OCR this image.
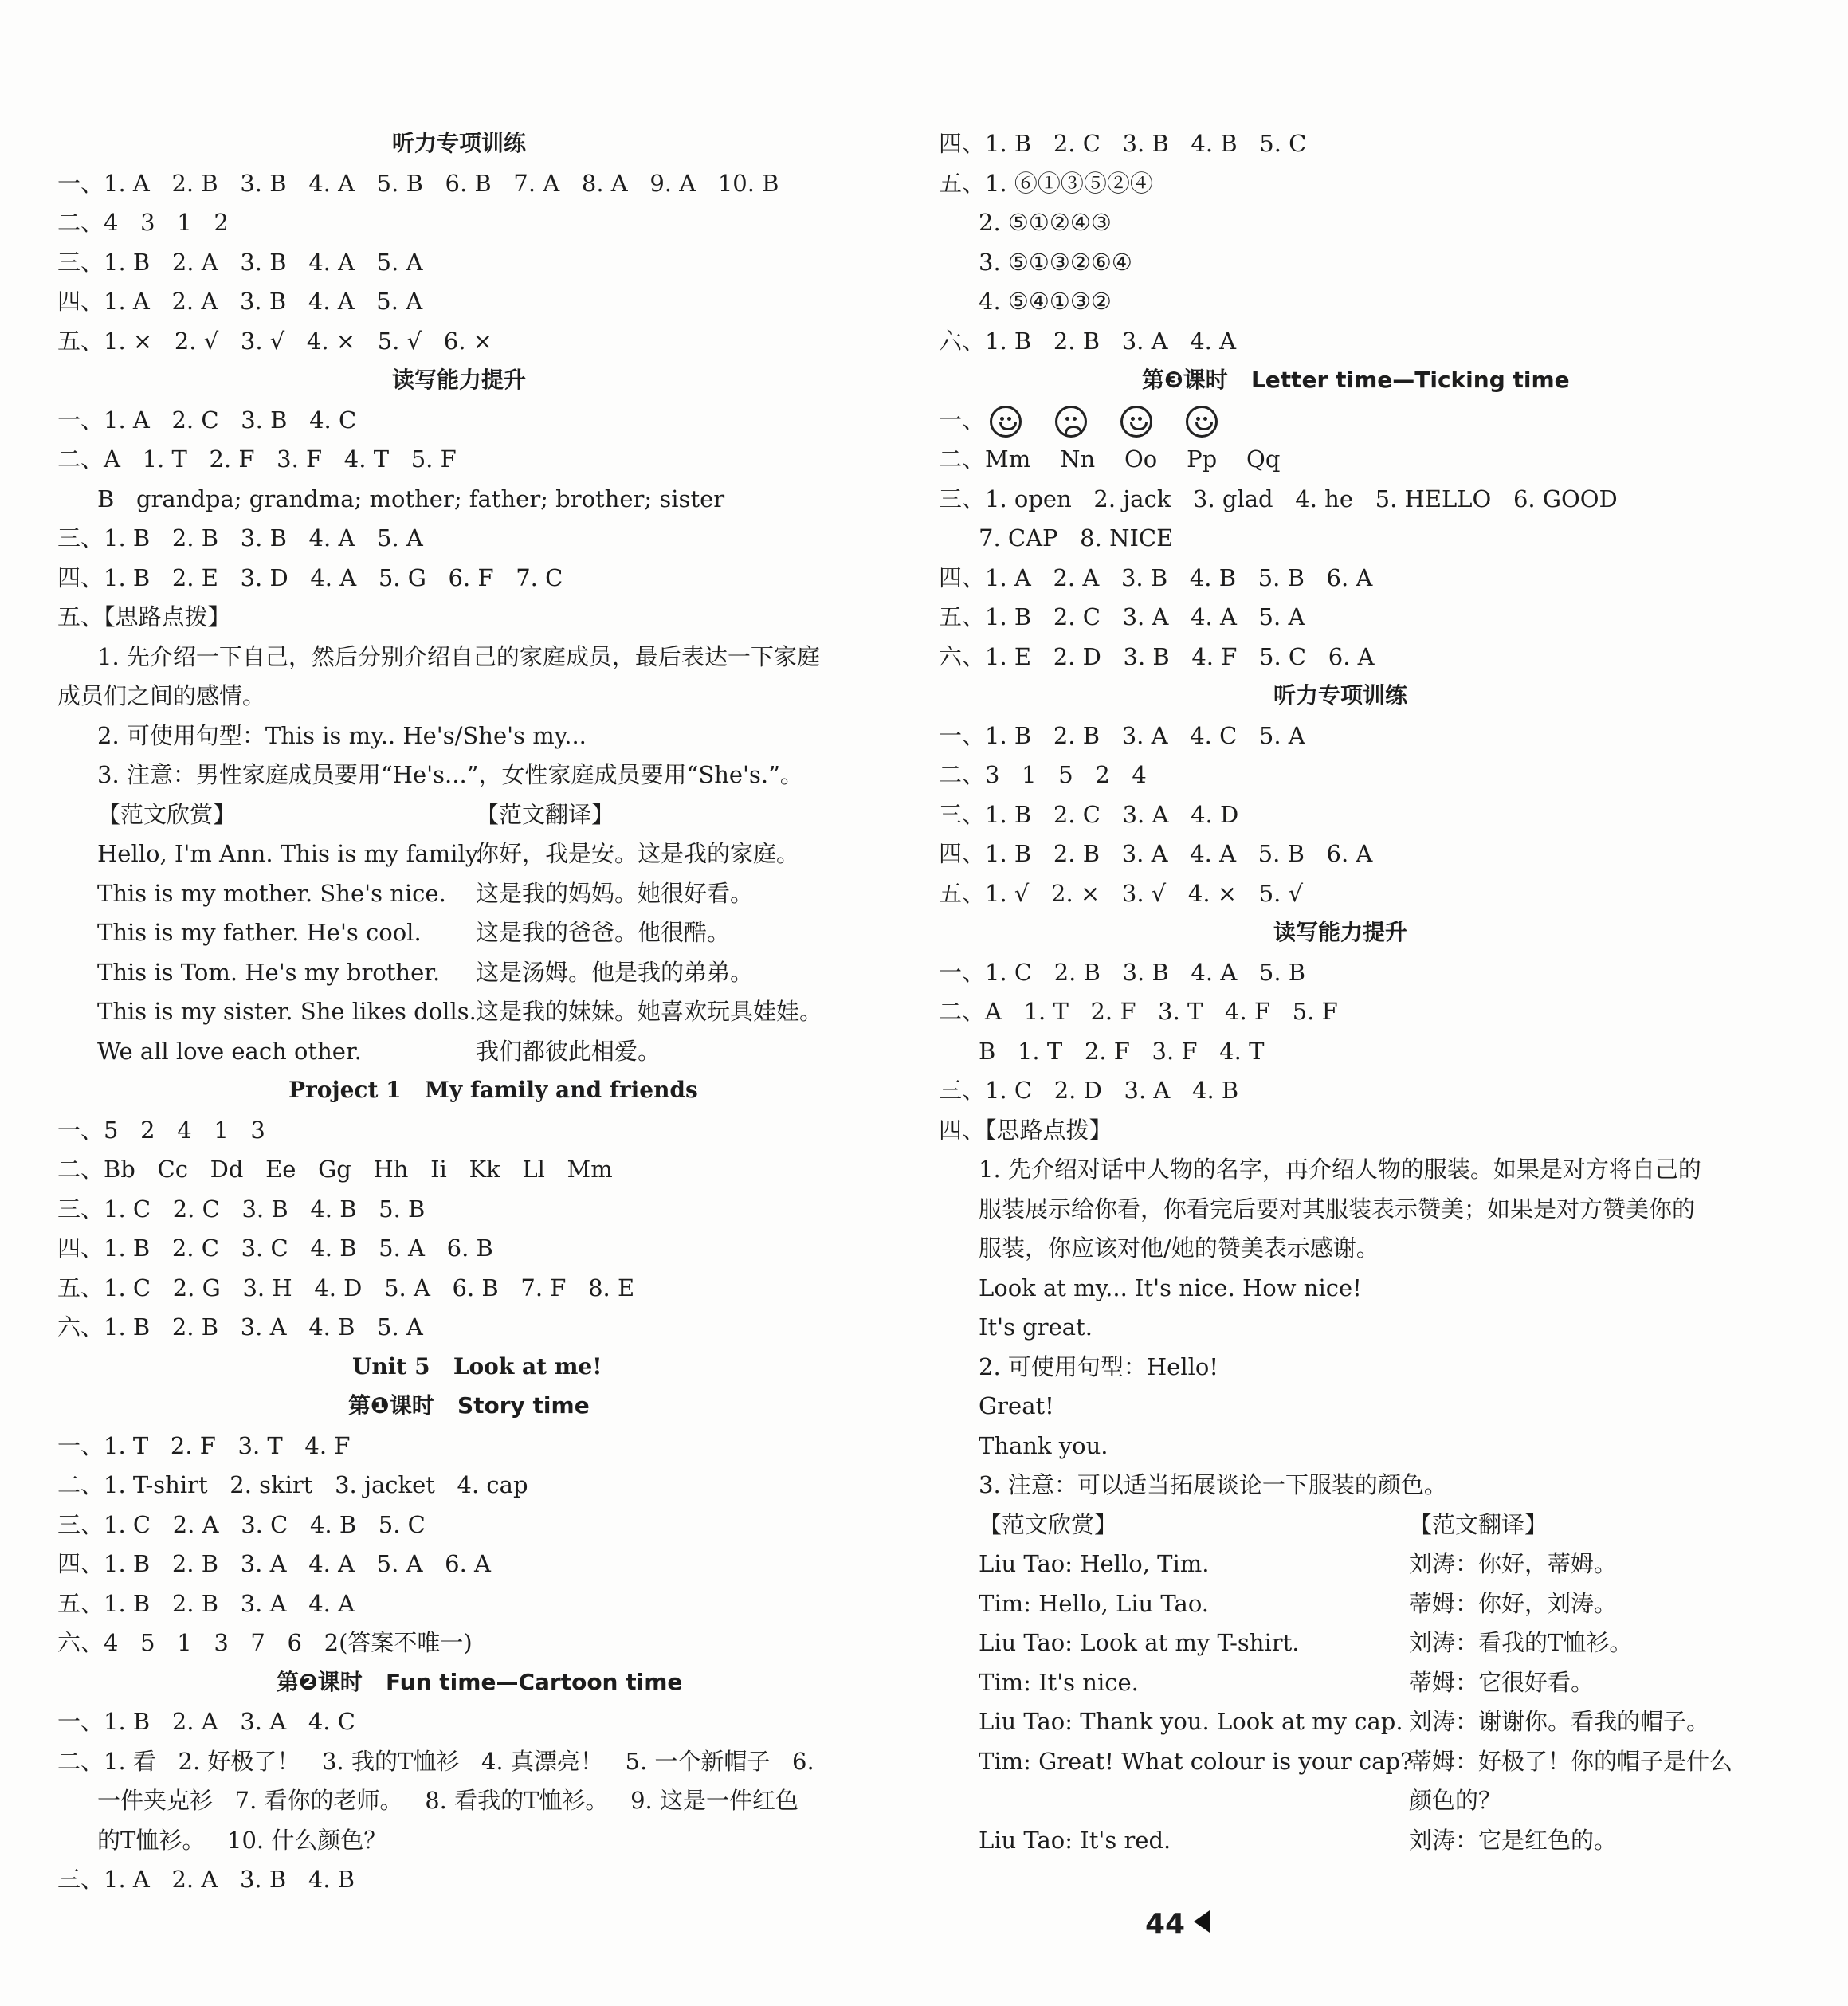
听力专项训练
一、1. A   2. B   3. B   4. A   5. B   6. B   7. A   8. A   9. A   10. B
二、4   3   1   2
三、1. B   2. A   3. B   4. A   5. A
四、1. A   2. A   3. B   4. A   5. A
五、1. ×   2. √   3. √   4. ×   5. √   6. ×
读写能力提升
一、1. A   2. C   3. B   4. C
二、A   1. T   2. F   3. F   4. T   5. F
B   grandpa; grandma; mother; father; brother; sister
三、1. B   2. B   3. B   4. A   5. A
四、1. B   2. E   3. D   4. A   5. G   6. F   7. C
五、【思路点拨】
1. 先介绍一下自己，然后分别介绍自己的家庭成员，最后表达一下家庭
成员们之间的感情。
2. 可使用句型：This is my.. He's/She's my...
3. 注意：男性家庭成员要用“He's...”，女性家庭成员要用“She's.”。
【范文欣赏】	【范文翻译】
Hello, I'm Ann. This is my family.你好，我是安。这是我的家庭。
This is my mother. She's nice. 这是我的妈妈。她很好看。
This is my father. He's cool. 这是我的爸爸。他很酷。
This is Tom. He's my brother. 这是汤姆。他是我的弟弟。
This is my sister. She likes dolls.这是我的妹妹。她喜欢玩具娃娃。
We all love each other.	我们都彼此相爱。
Project 1   My family and friends
一、5   2   4   1   3
二、Bb   Cc   Dd   Ee   Gg   Hh   Ii   Kk   Ll   Mm
三、1. C   2. C   3. B   4. B   5. B
四、1. B   2. C   3. C   4. B   5. A   6. B
五、1. C   2. G   3. H   4. D   5. A   6. B   7. F   8. E
六、1. B   2. B   3. A   4. B   5. A
Unit 5   Look at me!
第❶课时   Story time
一、1. T   2. F   3. T   4. F
二、1. T-shirt   2. skirt   3. jacket   4. cap
三、1. C   2. A   3. C   4. B   5. C
四、1. B   2. B   3. A   4. A   5. A   6. A
五、1. B   2. B   3. A   4. A
六、4   5   1   3   7   6   2(答案不唯一)
第❷课时   Fun time—Cartoon time
一、1. B   2. A   3. A   4. C
二、1. 看   2. 好极了！   3. 我的T恤衫   4. 真漂亮！   5. 一个新帽子   6.
一件夹克衫   7. 看你的老师。   8. 看我的T恤衫。   9. 这是一件红色
的T恤衫。   10. 什么颜色？
三、1. A   2. A   3. B   4. B
四、1. B   2. C   3. B   4. B   5. C
五、1. ⑥①③⑤②④
2. ⑤①②④③
3. ⑤①③②⑥④
4. ⑤④①③②
六、1. B   2. B   3. A   4. A
第❸课时   Letter time—Ticking time
一、
二、Mm    Nn    Oo    Pp    Qq
三、1. open   2. jack   3. glad   4. he   5. HELLO   6. GOOD
7. CAP   8. NICE
四、1. A   2. A   3. B   4. B   5. B   6. A
五、1. B   2. C   3. A   4. A   5. A
六、1. E   2. D   3. B   4. F   5. C   6. A
听力专项训练
一、1. B   2. B   3. A   4. C   5. A
二、3   1   5   2   4
三、1. B   2. C   3. A   4. D
四、1. B   2. B   3. A   4. A   5. B   6. A
五、1. √   2. ×   3. √   4. ×   5. √
读写能力提升
一、1. C   2. B   3. B   4. A   5. B
二、A   1. T   2. F   3. T   4. F   5. F
B   1. T   2. F   3. F   4. T
三、1. C   2. D   3. A   4. B
四、【思路点拨】
1. 先介绍对话中人物的名字，再介绍人物的服装。如果是对方将自己的
服装展示给你看，你看完后要对其服装表示赞美；如果是对方赞美你的
服装，你应该对他/她的赞美表示感谢。
Look at my... It's nice. How nice!
It's great.
2. 可使用句型：Hello!
Great!
Thank you.
3. 注意：可以适当拓展谈论一下服装的颜色。
【范文欣赏】	【范文翻译】
Liu Tao: Hello, Tim.	刘涛：你好，蒂姆。
Tim: Hello, Liu Tao.	蒂姆：你好，刘涛。
Liu Tao: Look at my T-shirt.	刘涛：看我的T恤衫。
Tim: It's nice.	蒂姆：它很好看。
Liu Tao: Thank you. Look at my cap. 刘涛：谢谢你。看我的帽子。
Tim: Great! What colour is your cap?蒂姆：好极了！你的帽子是什么
颜色的？
Liu Tao: It's red.	刘涛：它是红色的。
44
